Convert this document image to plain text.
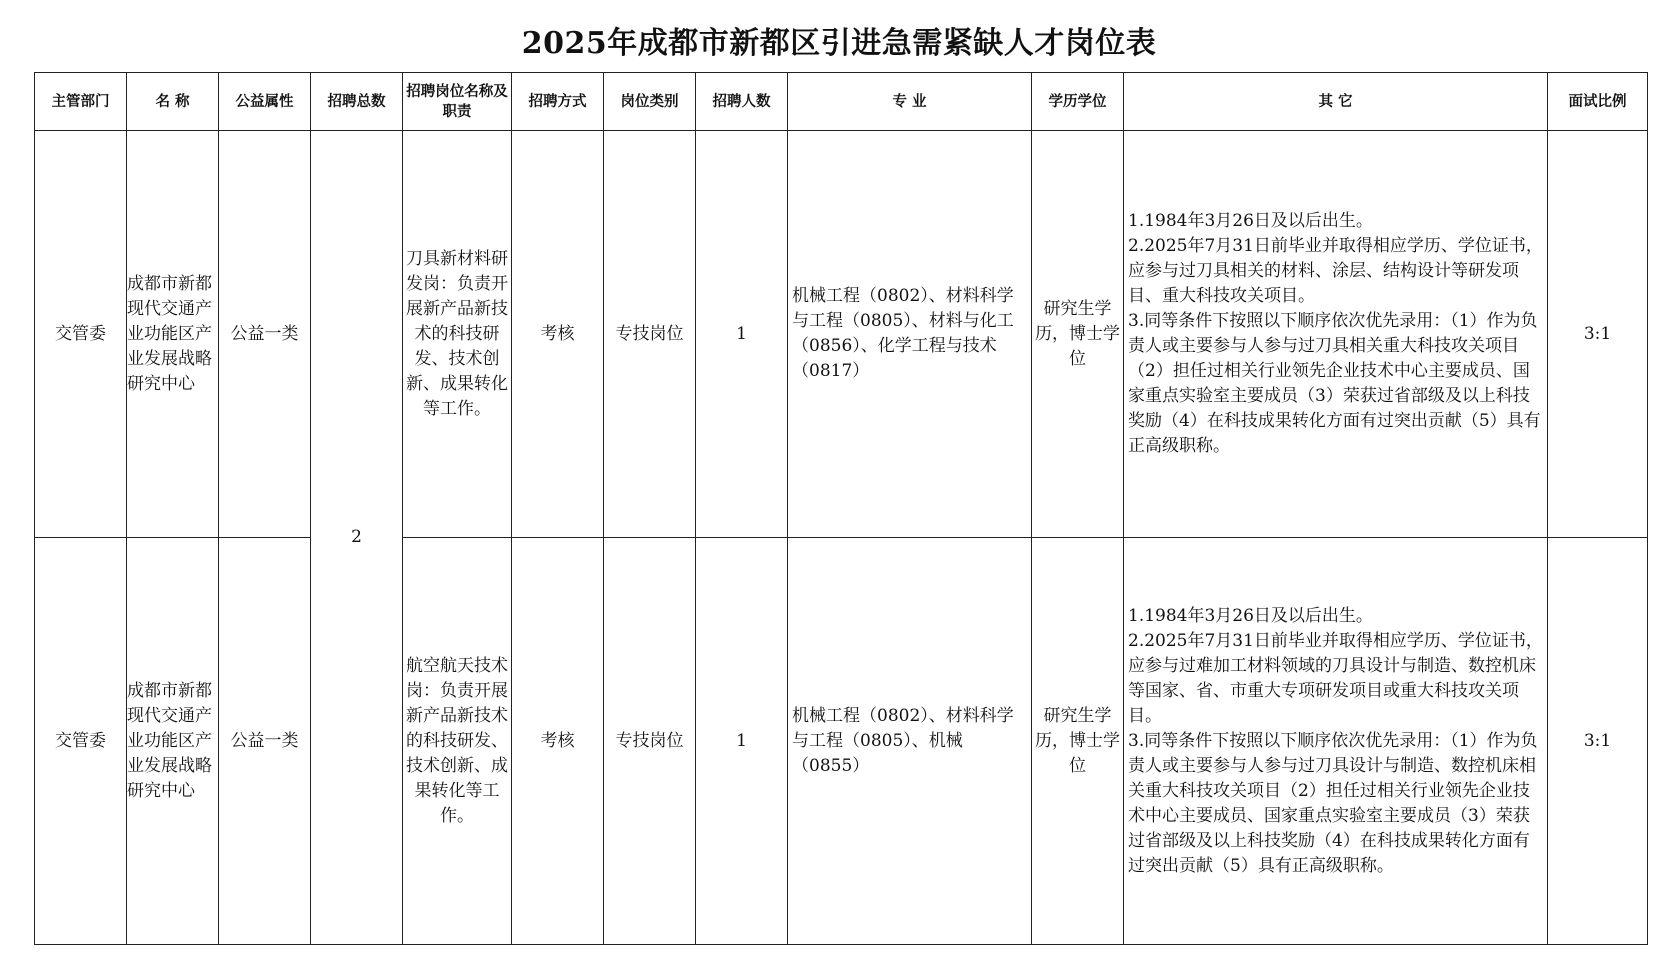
2025年成都市新都区引进急需紧缺人才岗位表
主管部门	名 称	公益属性	招聘总数	招聘岗位名称及职责	招聘方式	岗位类别	招聘人数	专 业	学历学位	其 它	面试比例
交管委	成都市新都现代交通产业功能区产业发展战略研究中心	公益一类	2	刀具新材料研发岗：负责开展新产品新技术的科技研发、技术创新、成果转化等工作。	考核	专技岗位	1	机械工程（0802）、材料科学与工程（0805）、材料与化工（0856）、化学工程与技术（0817）	研究生学历，博士学位	1.1984年3月26日及以后出生。
2.2025年7月31日前毕业并取得相应学历、学位证书，应参与过刀具相关的材料、涂层、结构设计等研发项目、重大科技攻关项目。
3.同等条件下按照以下顺序依次优先录用：（1）作为负责人或主要参与人参与过刀具相关重大科技攻关项目（2）担任过相关行业领先企业技术中心主要成员、国家重点实验室主要成员（3）荣获过省部级及以上科技奖励（4）在科技成果转化方面有过突出贡献（5）具有正高级职称。	3:1
交管委	成都市新都现代交通产业功能区产业发展战略研究中心	公益一类		航空航天技术岗：负责开展新产品新技术的科技研发、技术创新、成果转化等工作。	考核	专技岗位	1	机械工程（0802）、材料科学与工程（0805）、机械（0855）	研究生学历，博士学位	1.1984年3月26日及以后出生。
2.2025年7月31日前毕业并取得相应学历、学位证书，应参与过难加工材料领域的刀具设计与制造、数控机床等国家、省、市重大专项研发项目或重大科技攻关项目。
3.同等条件下按照以下顺序依次优先录用：（1）作为负责人或主要参与人参与过刀具设计与制造、数控机床相关重大科技攻关项目（2）担任过相关行业领先企业技术中心主要成员、国家重点实验室主要成员（3）荣获过省部级及以上科技奖励（4）在科技成果转化方面有过突出贡献（5）具有正高级职称。	3:1
